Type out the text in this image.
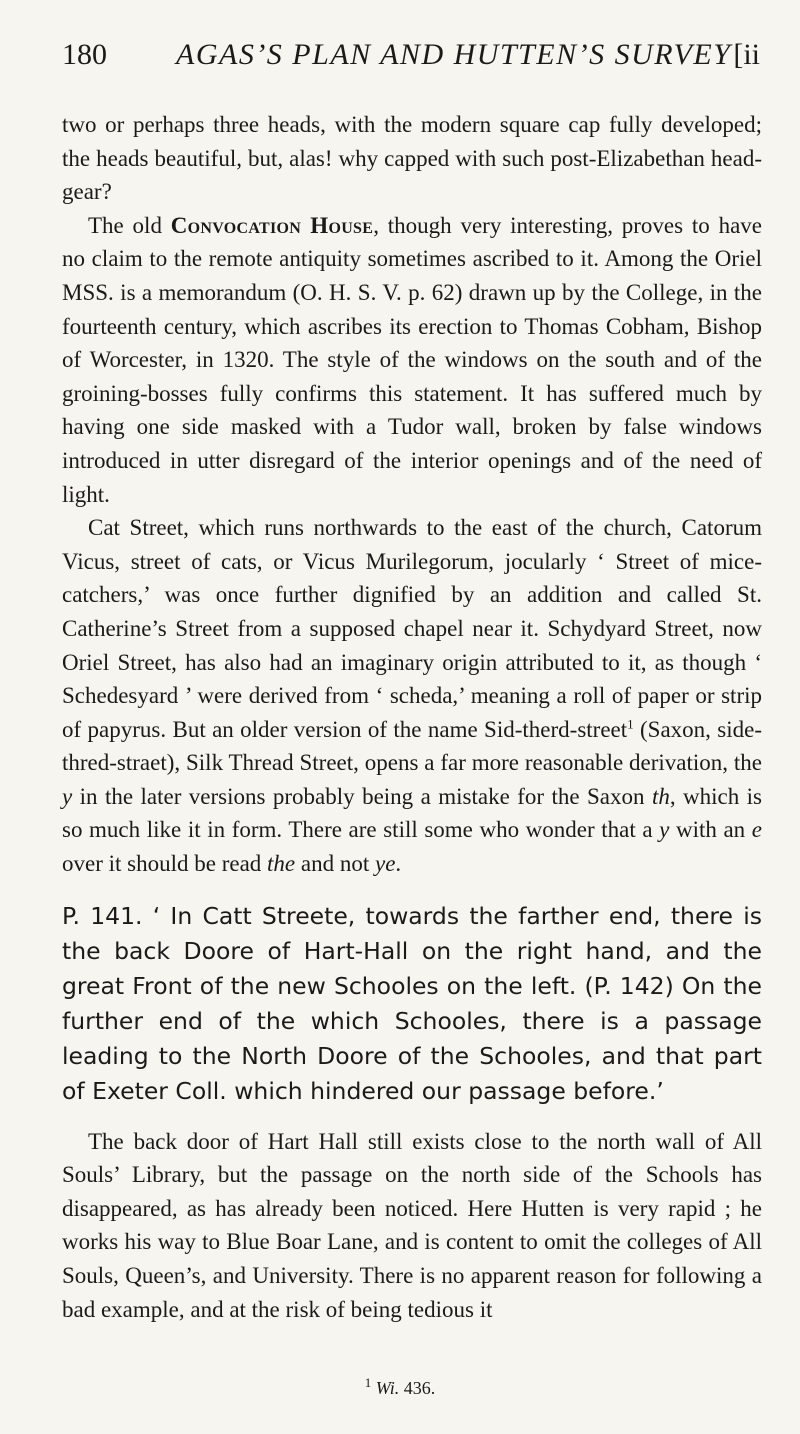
180 AGAS’S PLAN AND HUTTEN’S SURVEY [ii

two or perhaps three heads, with the modern square cap fully developed; the heads beautiful, but, alas! why capped with such post-Elizabethan head-gear?

The old Convocation House, though very interesting, proves to have no claim to the remote antiquity sometimes ascribed to it. Among the Oriel MSS. is a memorandum (O. H. S. V. p. 62) drawn up by the College, in the fourteenth century, which ascribes its erection to Thomas Cobham, Bishop of Worcester, in 1320. The style of the windows on the south and of the groining-bosses fully confirms this statement. It has suffered much by having one side masked with a Tudor wall, broken by false windows introduced in utter disregard of the interior openings and of the need of light.

Cat Street, which runs northwards to the east of the church, Catorum Vicus, street of cats, or Vicus Murilegorum, jocularly ‘ Street of mice-catchers,’ was once further dignified by an addition and called St. Catherine’s Street from a supposed chapel near it. Schydyard Street, now Oriel Street, has also had an imaginary origin attributed to it, as though ‘ Schedesyard ’ were derived from ‘ scheda,’ meaning a roll of paper or strip of papyrus. But an older version of the name Sid-therd-street$^1$ (Saxon, side-thred-straet), Silk Thread Street, opens a far more reasonable derivation, the y in the later versions probably being a mistake for the Saxon th, which is so much like it in form. There are still some who wonder that a y with an e over it should be read the and not ye.

P. 141. ‘ In Catt Streete, towards the farther end, there is the back Doore of Hart-Hall on the right hand, and the great Front of the new Schooles on the left. (P. 142) On the further end of the which Schooles, there is a passage leading to the North Doore of the Schooles, and that part of Exeter Coll. which hindered our passage before.’

The back door of Hart Hall still exists close to the north wall of All Souls’ Library, but the passage on the north side of the Schools has disappeared, as has already been noticed. Here Hutten is very rapid ; he works his way to Blue Boar Lane, and is content to omit the colleges of All Souls, Queen’s, and University. There is no apparent reason for following a bad example, and at the risk of being tedious it

$^1$ Wi. 436.
